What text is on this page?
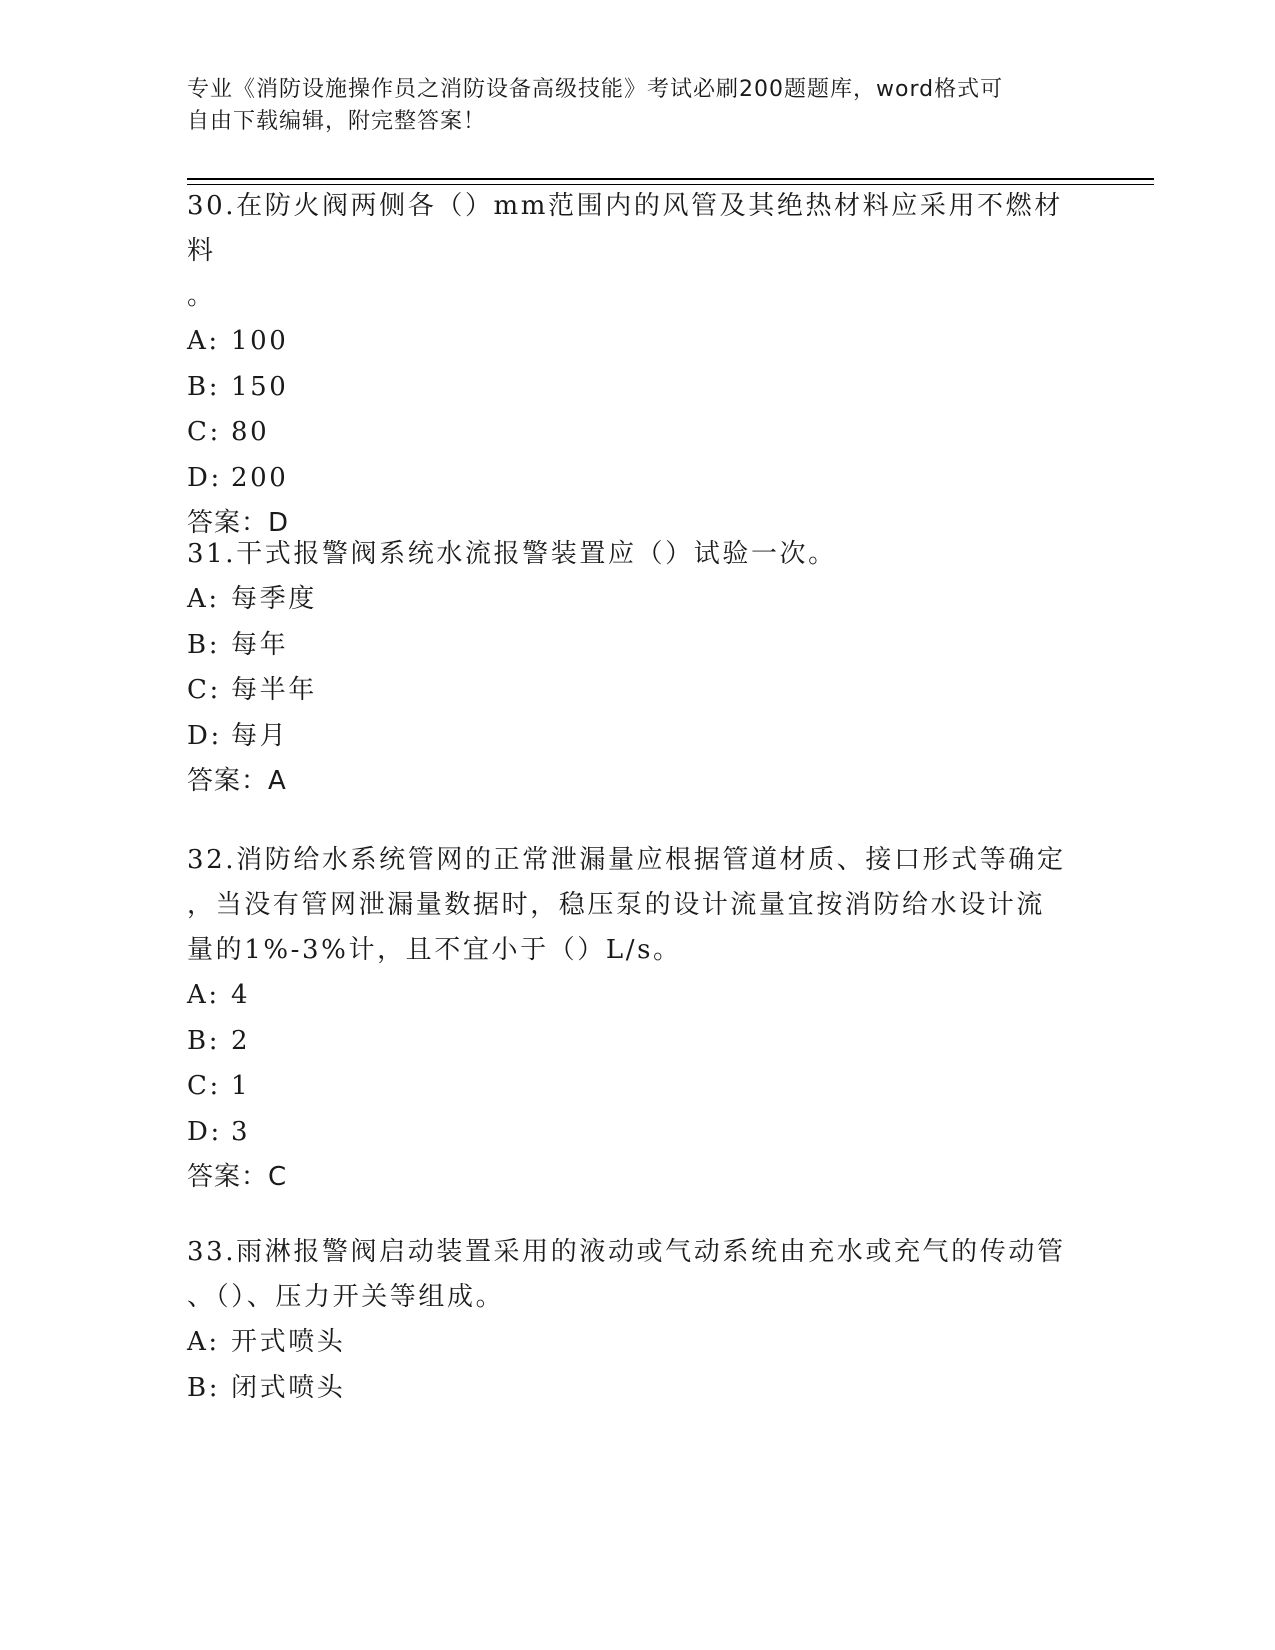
专业《消防设施操作员之消防设备高级技能》考试必刷200题题库，word格式可
自由下载编辑，附完整答案！

30.在防火阀两侧各（）mm范围内的风管及其绝热材料应采用不燃材料

。

A: 100

B: 150

C: 80

D: 200

答案：D

31.干式报警阀系统水流报警装置应（）试验一次。

A: 每季度

B: 每年

C: 每半年

D: 每月

答案：A

32.消防给水系统管网的正常泄漏量应根据管道材质、接口形式等确定

，当没有管网泄漏量数据时，稳压泵的设计流量宜按消防给水设计流

量的1%-3%计，且不宜小于（）L/s。

A: 4

B: 2

C: 1

D: 3

答案：C

33.雨淋报警阀启动装置采用的液动或气动系统由充水或充气的传动管

、（）、压力开关等组成。

A: 开式喷头

B: 闭式喷头
